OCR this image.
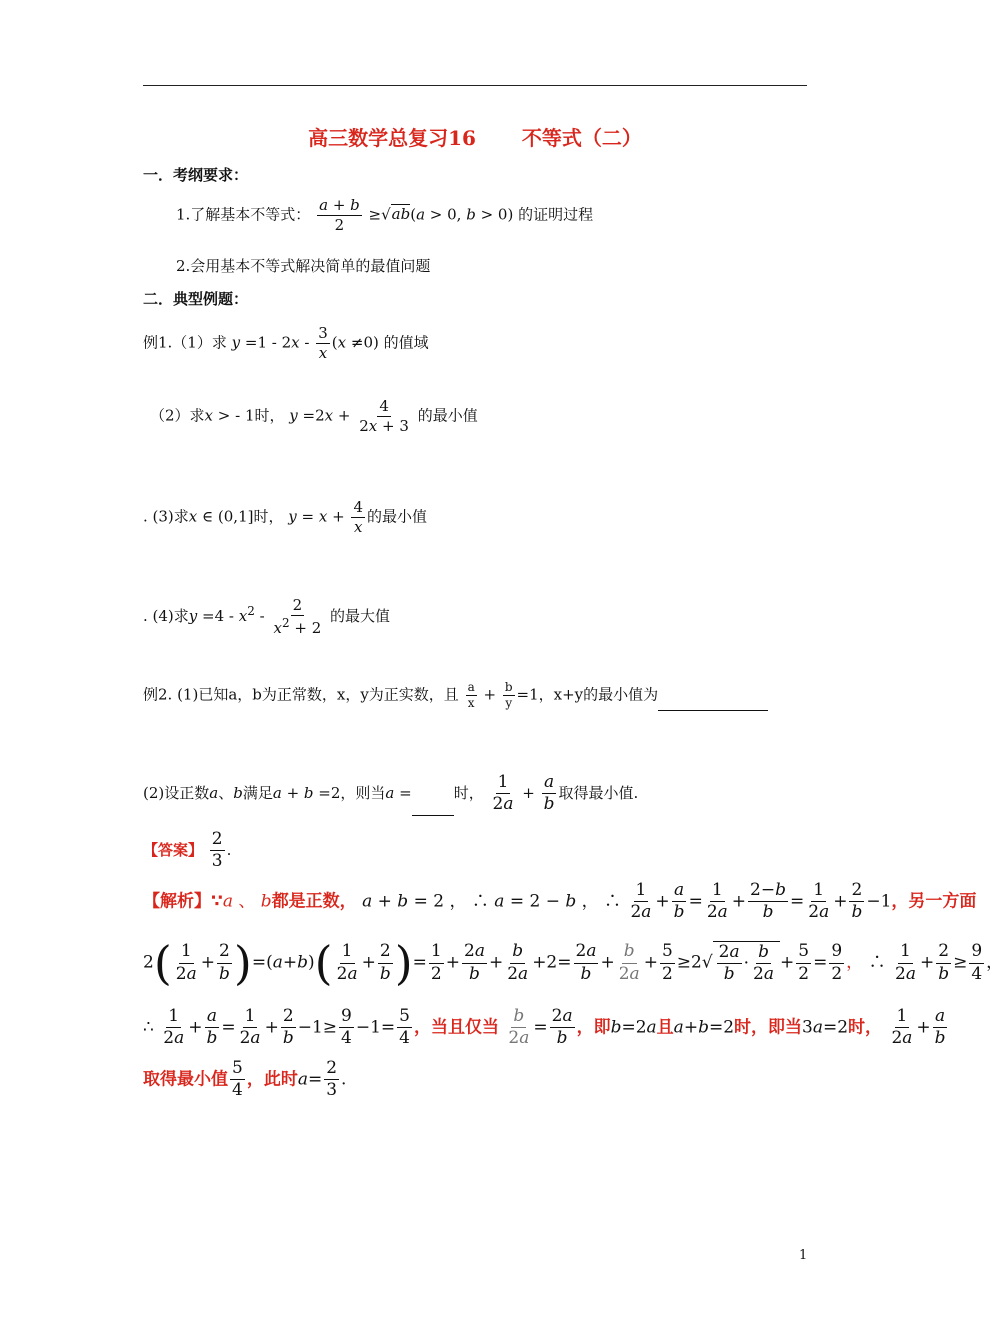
高三数学总复习16 不等式（二）
一．考纲要求：
1.了解基本不等式： $\frac{a + b}{2} \ge√ab(a > 0$, b > 0) 的证明过程
2.会用基本不等式解决简单的最值问题
二．典型例题：
例1.（1）求 $y =1 - 2x - \frac{3}{x} (x \ne 0)$ 的值域
（2）求x > - 1时， $y =2x + \frac{4}{2x + 3}$ 的最小值
. (3)求x ∈ (0,1]时， $y = x + \frac{4}{x}$ 的最小值
. (4)求$y =4 - x^2 - \frac{2}{x^2 + 2}$ 的最大值
例2. (1)已知a，b为正常数，x，y为正实数，且 $\frac{a}{x} + \frac{b}{y} =1$，x+y的最小值为
(2)设正数a、b满足a + b =2，则当a =	时， $\frac{1}{2a} + \frac{a}{b}$ 取得最小值.
【答案】 $\frac{2}{3}$ .
【解析】∵a 、 b都是正数， a + b = 2 ， ∴ a = 2 − b ， ∴ $\frac{1}{2a} + \frac{a}{b} = \frac{1}{2a} + \frac{2-b}{b} = \frac{1}{2a} + \frac{2}{b} -1$，另一方面
$2( \frac{1}{2a} + \frac{2}{b} )=(a+b)( \frac{1}{2a} + \frac{2}{b}$ )= $\frac{1}{2} + \frac{2a}{b} + \frac{b}{2a} +2= \frac{2a}{b} + \frac{b}{2a} + \frac{5}{2} \ge 2√ \frac{2a}{b} \cdot \frac{b}{2a} + \frac{5}{2} = \frac{9}{2}$ ， ∴ $\frac{1}{2a} + \frac{2}{b} \ge \frac{9}{4}$ ，
∴ $\frac{1}{2a} + \frac{a}{b} = \frac{1}{2a} + \frac{2}{b} -1\ge \frac{9}{4} -1= \frac{5}{4}$ ，当且仅当 $\frac{b}{2a} = \frac{2a}{b}$ ，即b=2a且a+b=2时，即当3a=2时， $\frac{1}{2a} + \frac{a}{b}$
取得最小值 $\frac{5}{4}$ ，此时$a= \frac{2}{3}$ .
1
